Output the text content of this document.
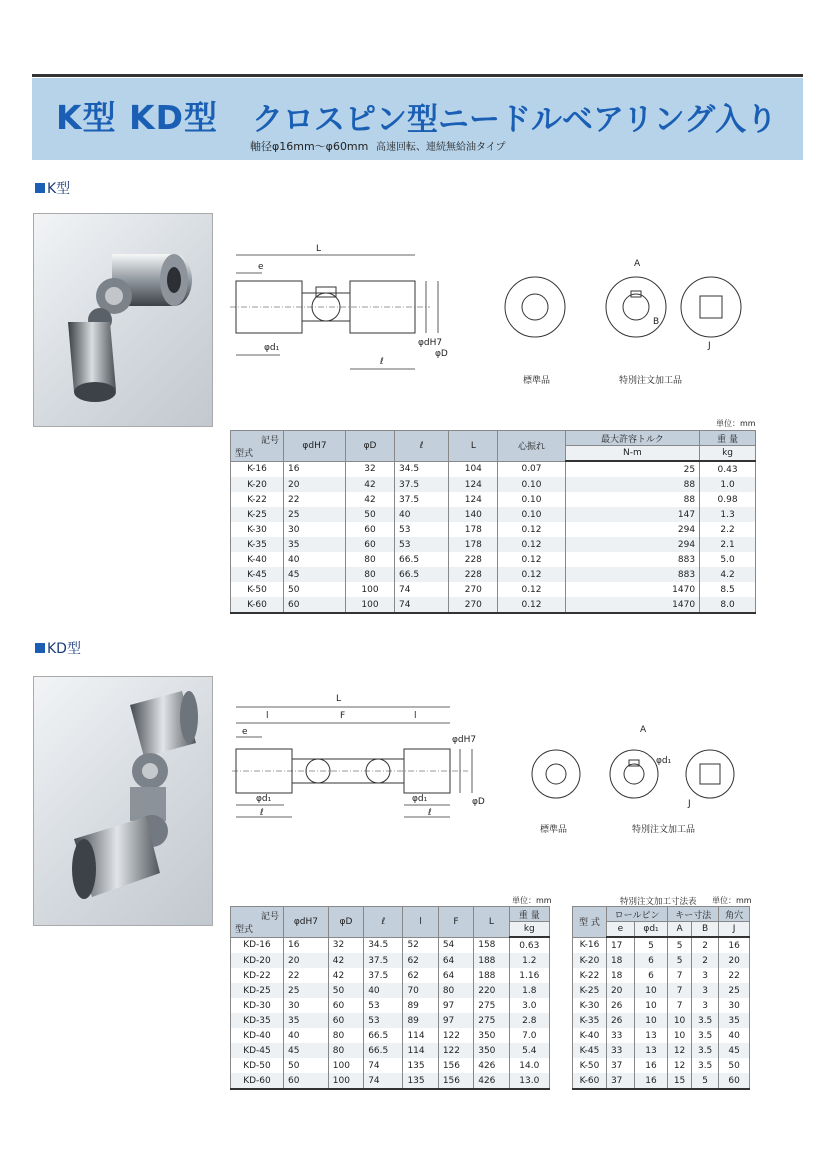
K型 KD型 クロスピン型ニードルベアリング入り
軸径φ16mm～φ60mm 高速回転、連続無給油タイプ
K型
L
e
φd₁
ℓ
φdH7
φD
A
B
J
標準品	特別注文加工品
単位：mm
記号
型式	φdH7	φD	ℓ	L	心振れ	最大許容トルク	重 量
						N-m	kg
K-16	16	32	34.5	104	0.07	25	0.43
K-20	20	42	37.5	124	0.10	88	1.0
K-22	22	42	37.5	124	0.10	88	0.98
K-25	25	50	40	140	0.10	147	1.3
K-30	30	60	53	178	0.12	294	2.2
K-35	35	60	53	178	0.12	294	2.1
K-40	40	80	66.5	228	0.12	883	5.0
K-45	45	80	66.5	228	0.12	883	4.2
K-50	50	100	74	270	0.12	1470	8.5
K-60	60	100	74	270	0.12	1470	8.0
KD型
L
l	F	l
e
φd₁
ℓ
φd₁
ℓ
φdH7
φD
A
φd₁
J
標準品	特別注文加工品
単位：mm
記号
型式	φdH7	φD	ℓ	l	F	L	重 量
							kg
KD-16	16	32	34.5	52	54	158	0.63
KD-20	20	42	37.5	62	64	188	1.2
KD-22	22	42	37.5	62	64	188	1.16
KD-25	25	50	40	70	80	220	1.8
KD-30	30	60	53	89	97	275	3.0
KD-35	35	60	53	89	97	275	2.8
KD-40	40	80	66.5	114	122	350	7.0
KD-45	45	80	66.5	114	122	350	5.4
KD-50	50	100	74	135	156	426	14.0
KD-60	60	100	74	135	156	426	13.0
特別注文加工寸法表 単位：mm
型 式	ロールピン		キー寸法		角穴
	e	φd₁	A	B	J
K-16	17	5	5	2	16
K-20	18	6	5	2	20
K-22	18	6	7	3	22
K-25	20	10	7	3	25
K-30	26	10	7	3	30
K-35	26	10	10	3.5	35
K-40	33	13	10	3.5	40
K-45	33	13	12	3.5	45
K-50	37	16	12	3.5	50
K-60	37	16	15	5	60
